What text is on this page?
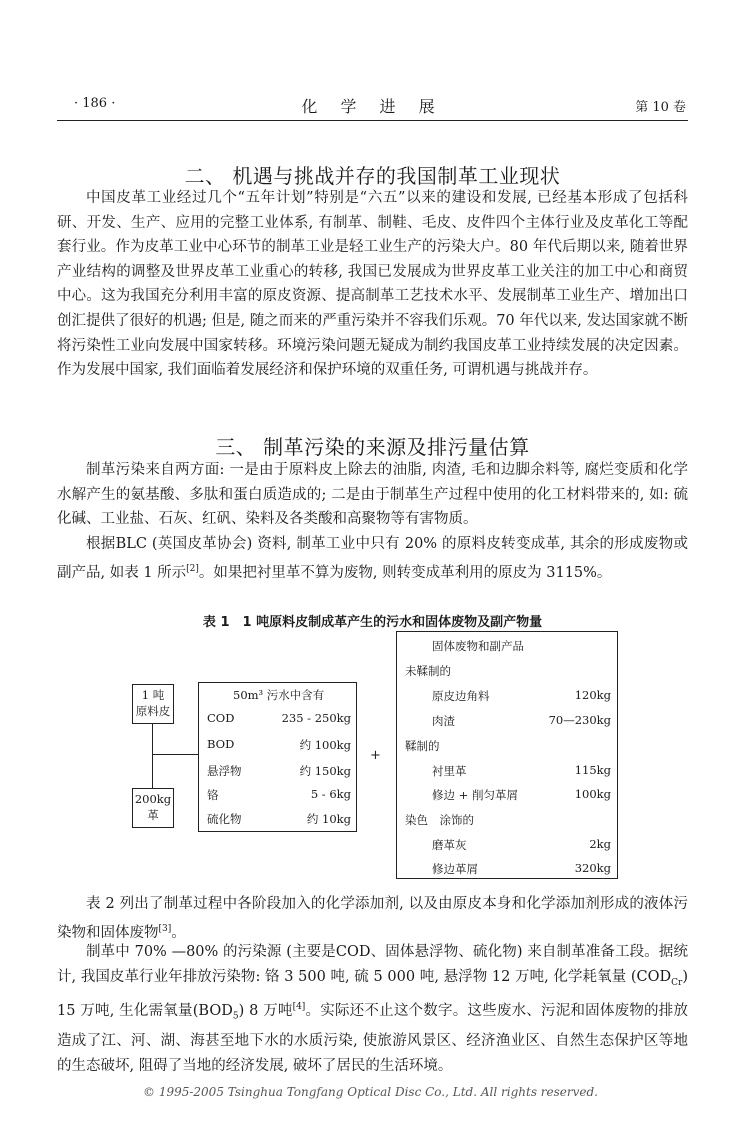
· 186 ·	化 学 进 展	第 10 卷
二、 机遇与挑战并存的我国制革工业现状

中国皮革工业经过几个“五年计划”特别是“六五”以来的建设和发展, 已经基本形成了包括科研、开发、生产、应用的完整工业体系, 有制革、制鞋、毛皮、皮件四个主体行业及皮革化工等配套行业。作为皮革工业中心环节的制革工业是轻工业生产的污染大户。80 年代后期以来, 随着世界产业结构的调整及世界皮革工业重心的转移, 我国已发展成为世界皮革工业关注的加工中心和商贸中心。这为我国充分利用丰富的原皮资源、提高制革工艺技术水平、发展制革工业生产、增加出口创汇提供了很好的机遇; 但是, 随之而来的严重污染并不容我们乐观。70 年代以来, 发达国家就不断将污染性工业向发展中国家转移。环境污染问题无疑成为制约我国皮革工业持续发展的决定因素。作为发展中国家, 我们面临着发展经济和保护环境的双重任务, 可谓机遇与挑战并存。

三、 制革污染的来源及排污量估算

制革污染来自两方面: 一是由于原料皮上除去的油脂, 肉渣, 毛和边脚余料等, 腐烂变质和化学水解产生的氨基酸、多肽和蛋白质造成的; 二是由于制革生产过程中使用的化工材料带来的, 如: 硫化碱、工业盐、石灰、红矾、染料及各类酸和高聚物等有害物质。

根据BLC (英国皮革协会) 资料, 制革工业中只有 20% 的原料皮转变成革, 其余的形成废物或副产品, 如表 1 所示[2]。如果把衬里革不算为废物, 则转变成革利用的原皮为 3115%。

表 1　1 吨原料皮制成革产生的污水和固体废物及副产物量
1 吨
原料皮
200kg
革
50m³ 污水中含有
COD	235 - 250kg
BOD	约 100kg
悬浮物	约 150kg
铬	5 - 6kg
硫化物	约 10kg
+
固体废物和副产品
未鞣制的
原皮边角料	120kg
肉渣	70—230kg
鞣制的
衬里革	115kg
修边 + 削匀革屑	100kg
染色　涂饰的
磨革灰	2kg
修边革屑	320kg

表 2 列出了制革过程中各阶段加入的化学添加剂, 以及由原皮本身和化学添加剂形成的液体污染物和固体废物[3]。

制革中 70% —80% 的污染源 (主要是COD、固体悬浮物、硫化物) 来自制革准备工段。据统计, 我国皮革行业年排放污染物: 铬 3 500 吨, 硫 5 000 吨, 悬浮物 12 万吨, 化学耗氧量 $(COD_{Cr})$ 15 万吨, 生化需氧量$(BOD_5)$ 8 万吨[4]。实际还不止这个数字。这些废水、污泥和固体废物的排放造成了江、河、湖、海甚至地下水的水质污染, 使旅游风景区、经济渔业区、自然生态保护区等地的生态破坏, 阻碍了当地的经济发展, 破坏了居民的生活环境。

© 1995-2005 Tsinghua Tongfang Optical Disc Co., Ltd. All rights reserved.
